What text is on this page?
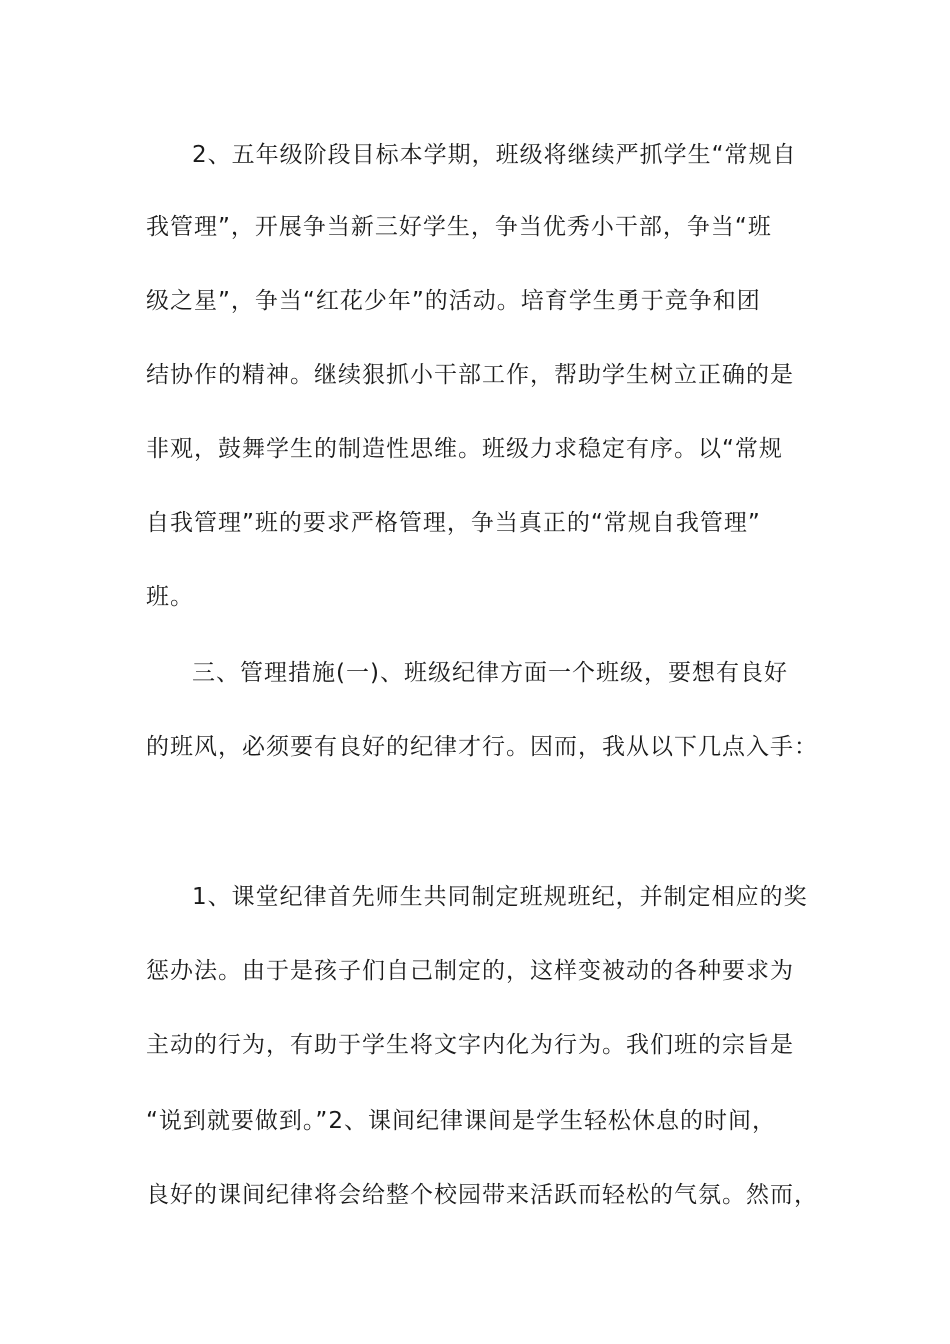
2、五年级阶段目标本学期，班级将继续严抓学生“常规自
我管理”，开展争当新三好学生，争当优秀小干部，争当“班
级之星”，争当“红花少年”的活动。培育学生勇于竞争和团
结协作的精神。继续狠抓小干部工作，帮助学生树立正确的是
非观，鼓舞学生的制造性思维。班级力求稳定有序。以“常规
自我管理”班的要求严格管理，争当真正的“常规自我管理”
班。
三、管理措施(一)、班级纪律方面一个班级，要想有良好
的班风，必须要有良好的纪律才行。因而，我从以下几点入手：
1、课堂纪律首先师生共同制定班规班纪，并制定相应的奖
惩办法。由于是孩子们自己制定的，这样变被动的各种要求为
主动的行为，有助于学生将文字内化为行为。我们班的宗旨是
“说到就要做到。”2、课间纪律课间是学生轻松休息的时间，
良好的课间纪律将会给整个校园带来活跃而轻松的气氛。然而，
